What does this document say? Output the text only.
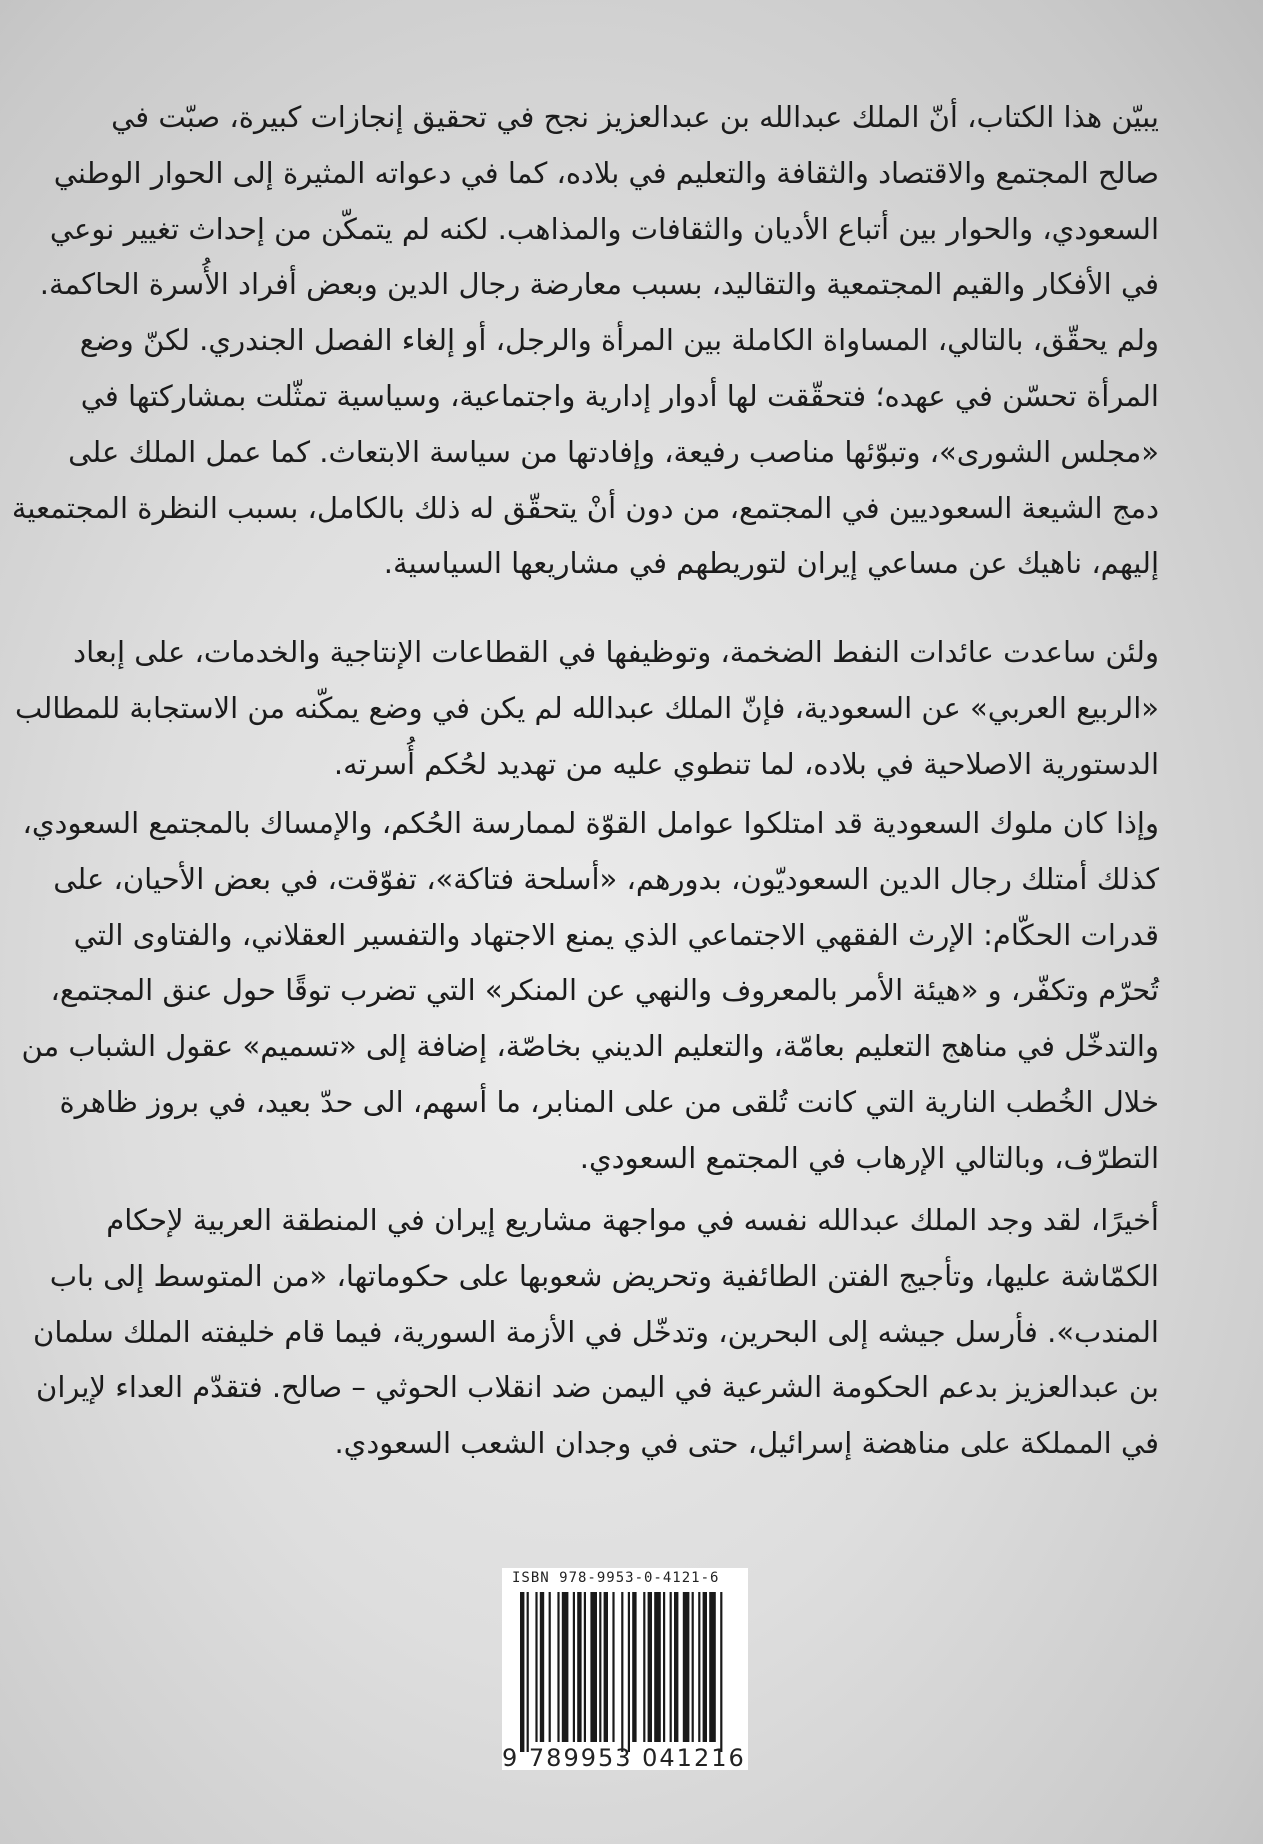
يبيّن هذا الكتاب، أنّ الملك عبدالله بن عبدالعزيز نجح في تحقيق إنجازات كبيرة، صبّت في
صالح المجتمع والاقتصاد والثقافة والتعليم في بلاده، كما في دعواته المثيرة إلى الحوار الوطني
السعودي، والحوار بين أتباع الأديان والثقافات والمذاهب. لكنه لم يتمكّن من إحداث تغيير نوعي
في الأفكار والقيم المجتمعية والتقاليد، بسبب معارضة رجال الدين وبعض أفراد الأُسرة الحاكمة.
ولم يحقّق، بالتالي، المساواة الكاملة بين المرأة والرجل، أو إلغاء الفصل الجندري. لكنّ وضع
المرأة تحسّن في عهده؛ فتحقّقت لها أدوار إدارية واجتماعية، وسياسية تمثّلت بمشاركتها في
«مجلس الشورى»، وتبوّئها مناصب رفيعة، وإفادتها من سياسة الابتعاث. كما عمل الملك على
دمج الشيعة السعوديين في المجتمع، من دون أنْ يتحقّق له ذلك بالكامل، بسبب النظرة المجتمعية
إليهم، ناهيك عن مساعي إيران لتوريطهم في مشاريعها السياسية.
ولئن ساعدت عائدات النفط الضخمة، وتوظيفها في القطاعات الإنتاجية والخدمات، على إبعاد
«الربيع العربي» عن السعودية، فإنّ الملك عبدالله لم يكن في وضع يمكّنه من الاستجابة للمطالب
الدستورية الاصلاحية في بلاده، لما تنطوي عليه من تهديد لحُكم أُسرته.
وإذا كان ملوك السعودية قد امتلكوا عوامل القوّة لممارسة الحُكم، والإمساك بالمجتمع السعودي،
كذلك أمتلك رجال الدين السعوديّون، بدورهم، «أسلحة فتاكة»، تفوّقت، في بعض الأحيان، على
قدرات الحكّام: الإرث الفقهي الاجتماعي الذي يمنع الاجتهاد والتفسير العقلاني، والفتاوى التي
تُحرّم وتكفّر، و «هيئة الأمر بالمعروف والنهي عن المنكر» التي تضرب توقًا حول عنق المجتمع،
والتدخّل في مناهج التعليم بعامّة، والتعليم الديني بخاصّة، إضافة إلى «تسميم» عقول الشباب من
خلال الخُطب النارية التي كانت تُلقى من على المنابر، ما أسهم، الى حدّ بعيد، في بروز ظاهرة
التطرّف، وبالتالي الإرهاب في المجتمع السعودي.
أخيرًا، لقد وجد الملك عبدالله نفسه في مواجهة مشاريع إيران في المنطقة العربية لإحكام
الكمّاشة عليها، وتأجيج الفتن الطائفية وتحريض شعوبها على حكوماتها، «من المتوسط إلى باب
المندب». فأرسل جيشه إلى البحرين، وتدخّل في الأزمة السورية، فيما قام خليفته الملك سلمان
بن عبدالعزيز بدعم الحكومة الشرعية في اليمن ضد انقلاب الحوثي – صالح. فتقدّم العداء لإيران
في المملكة على مناهضة إسرائيل، حتى في وجدان الشعب السعودي.
ISBN 978-9953-0-4121-6
9 789953 041216
